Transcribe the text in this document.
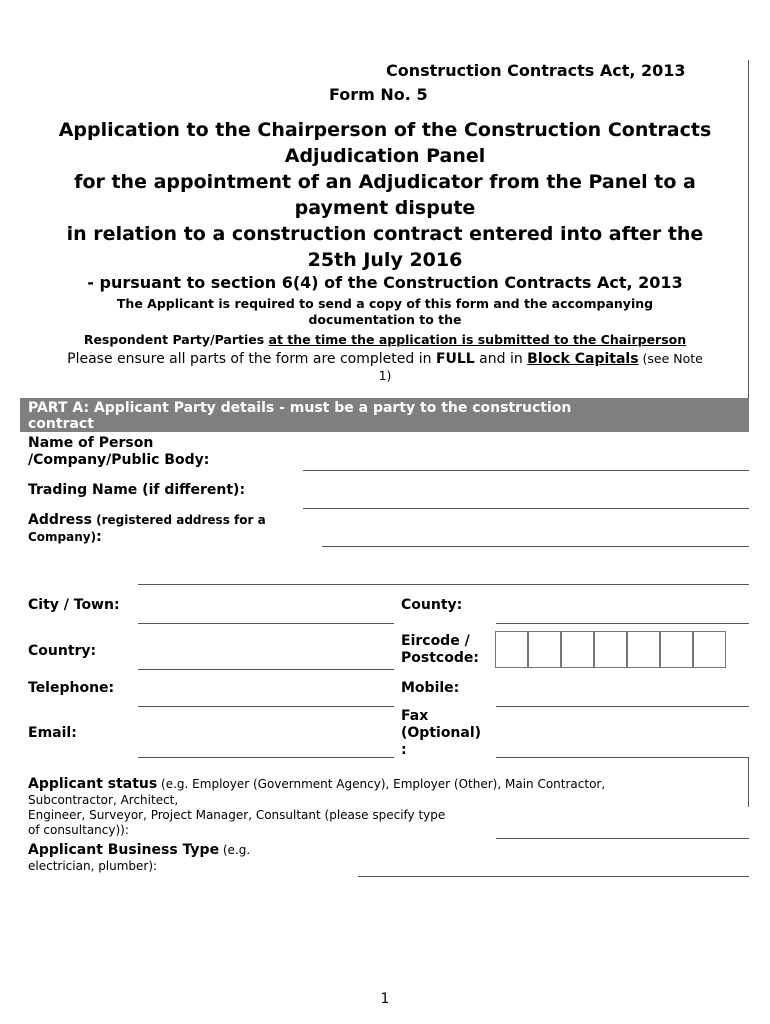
Construction Contracts Act, 2013
Form No. 5
Application to the Chairperson of the Construction Contracts
Adjudication Panel
for the appointment of an Adjudicator from the Panel to a
payment dispute
in relation to a construction contract entered into after the
25th July 2016
- pursuant to section 6(4) of the Construction Contracts Act, 2013
The Applicant is required to send a copy of this form and the accompanying
documentation to the
Respondent Party/Parties at the time the application is submitted to the Chairperson
Please ensure all parts of the form are completed in FULL and in Block Capitals (see Note
1)
PART A: Applicant Party details - must be a party to the construction
contract
Name of Person
/Company/Public Body:
Trading Name (if different):
Address (registered address for a
Company):
City / Town:	County:
Country:
Eircode /
Postcode:
Telephone:	Mobile:
Email:
Fax
(Optional)
:
Applicant status (e.g. Employer (Government Agency), Employer (Other), Main Contractor,
Subcontractor, Architect,
Engineer, Surveyor, Project Manager, Consultant (please specify type
of consultancy)):
Applicant Business Type (e.g.
electrician, plumber):
1
